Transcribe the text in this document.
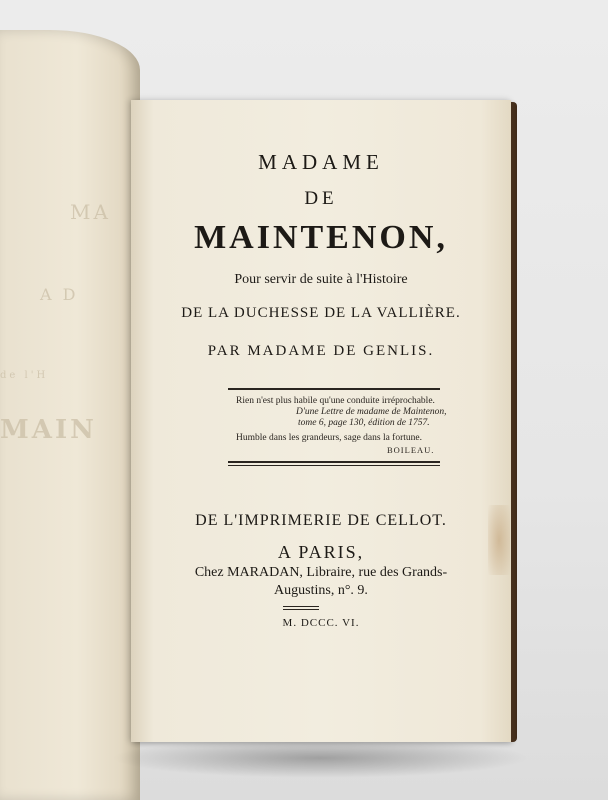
MA
A D
de l'H
MAIN
MADAME
DE
MAINTENON,
Pour servir de suite à l'Histoire
DE LA DUCHESSE DE LA VALLIÈRE.
PAR MADAME DE GENLIS.
Rien n'est plus habile qu'une conduite irréprochable.
D'une Lettre de madame de Maintenon,
tome 6, page 130, édition de 1757.
Humble dans les grandeurs, sage dans la fortune.
BOILEAU.
DE L'IMPRIMERIE DE CELLOT.
A PARIS,
Chez MARADAN, Libraire, rue des Grands-
Augustins, n°. 9.
M. DCCC. VI.
